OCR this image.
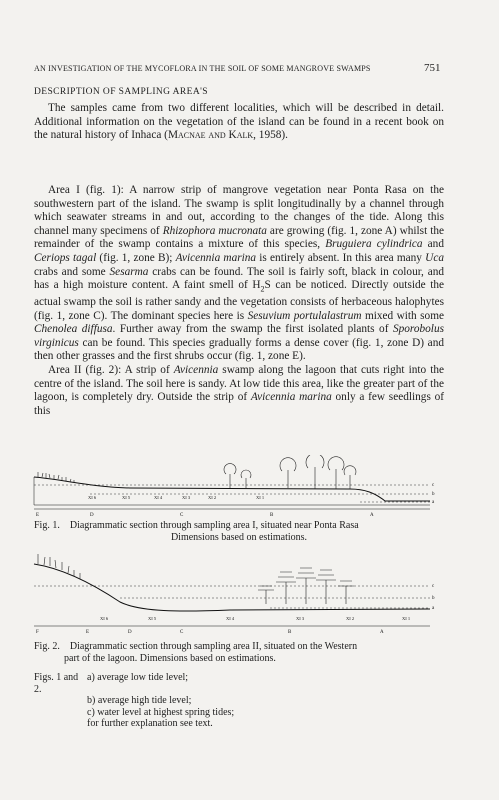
AN INVESTIGATION OF THE MYCOFLORA IN THE SOIL OF SOME MANGROVE SWAMPS	751
DESCRIPTION OF SAMPLING AREA'S

The samples came from two different localities, which will be described in detail. Additional information on the vegetation of the island can be found in a recent book on the natural history of Inhaca (Macnae and Kalk, 1958).

Area I (fig. 1): A narrow strip of mangrove vegetation near Ponta Rasa on the southwestern part of the island. The swamp is split longitudinally by a channel through which seawater streams in and out, according to the changes of the tide. Along this channel many specimens of Rhizophora mucronata are growing (fig. 1, zone A) whilst the remainder of the swamp contains a mixture of this species, Bruguiera cylindrica and Ceriops tagal (fig. 1, zone B); Avicennia marina is entirely absent. In this area many Uca crabs and some Sesarma crabs can be found. The soil is fairly soft, black in colour, and has a high moisture content. A faint smell of $H_2S$ can be noticed. Directly outside the actual swamp the soil is rather sandy and the vegetation consists of herbaceous halophytes (fig. 1, zone C). The dominant species here is Sesuvium portulalastrum mixed with some Chenolea diffusa. Further away from the swamp the first isolated plants of Sporobolus virginicus can be found. This species gradually forms a dense cover (fig. 1, zone D) and then other grasses and the first shrubs occur (fig. 1, zone E).

Area II (fig. 2): A strip of Avicennia swamp along the lagoon that cuts right into the centre of the island. The soil here is sandy. At low tide this area, like the greater part of the lagoon, is completely dry. Outside the strip of Avicennia marina only a few seedlings of this

c
b
a
XI 6	XI 5	XI 4	XI 3	XI 2	XI 1
E	D	C	B	A
Fig. 1. Diagrammatic section through sampling area I, situated near Ponta Rasa
Dimensions based on estimations.
c
b
a
XI 6	XI 5	XI 4	XI 3	XI 2	XI 1
F	E	D	C	B	A
Fig. 2. Diagrammatic section through sampling area II, situated on the Western
part of the lagoon. Dimensions based on estimations.
Figs. 1 and 2.
a) average low tide level;
b) average high tide level;
c) water level at highest spring tides;
for further explanation see text.
